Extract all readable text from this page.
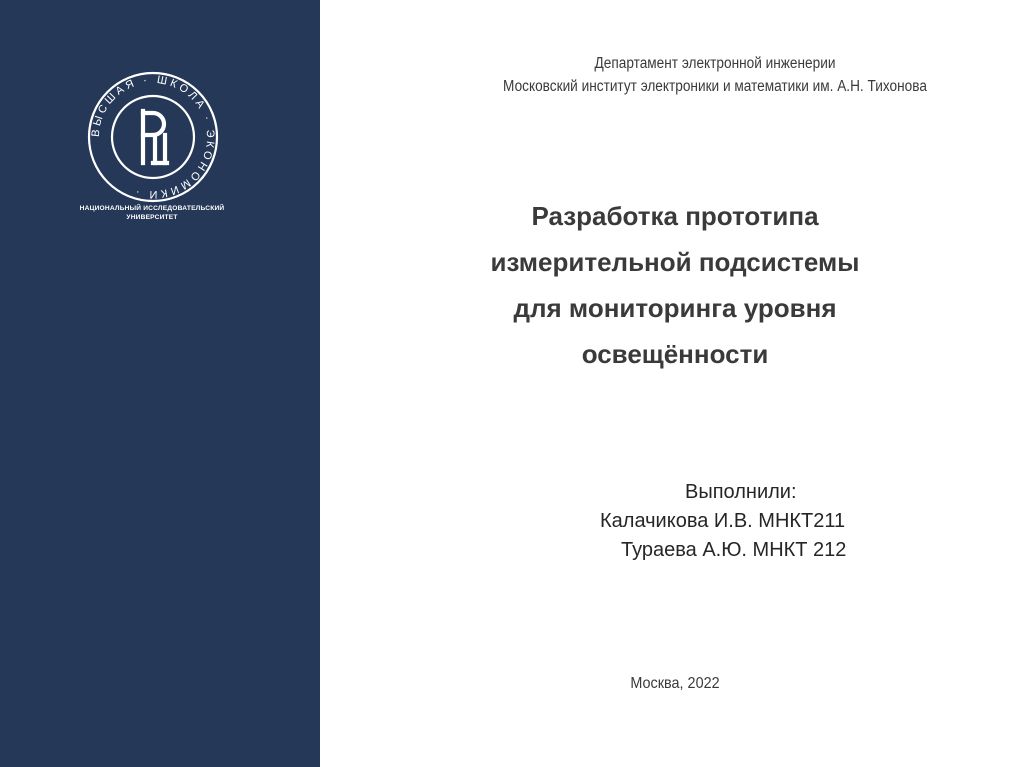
ВЫСШАЯ · ШКОЛА · ЭКОНОМИКИ ·
НАЦИОНАЛЬНЫЙ ИССЛЕДОВАТЕЛЬСКИЙ
УНИВЕРСИТЕТ
Департамент электронной инженерии
Московский институт электроники и математики им. А.Н. Тихонова
Разработка прототипа
измерительной подсистемы
для мониторинга уровня
освещённости
Выполнили:
Калачикова И.В. МНКТ211
Тураева А.Ю. МНКТ 212
Москва, 2022
